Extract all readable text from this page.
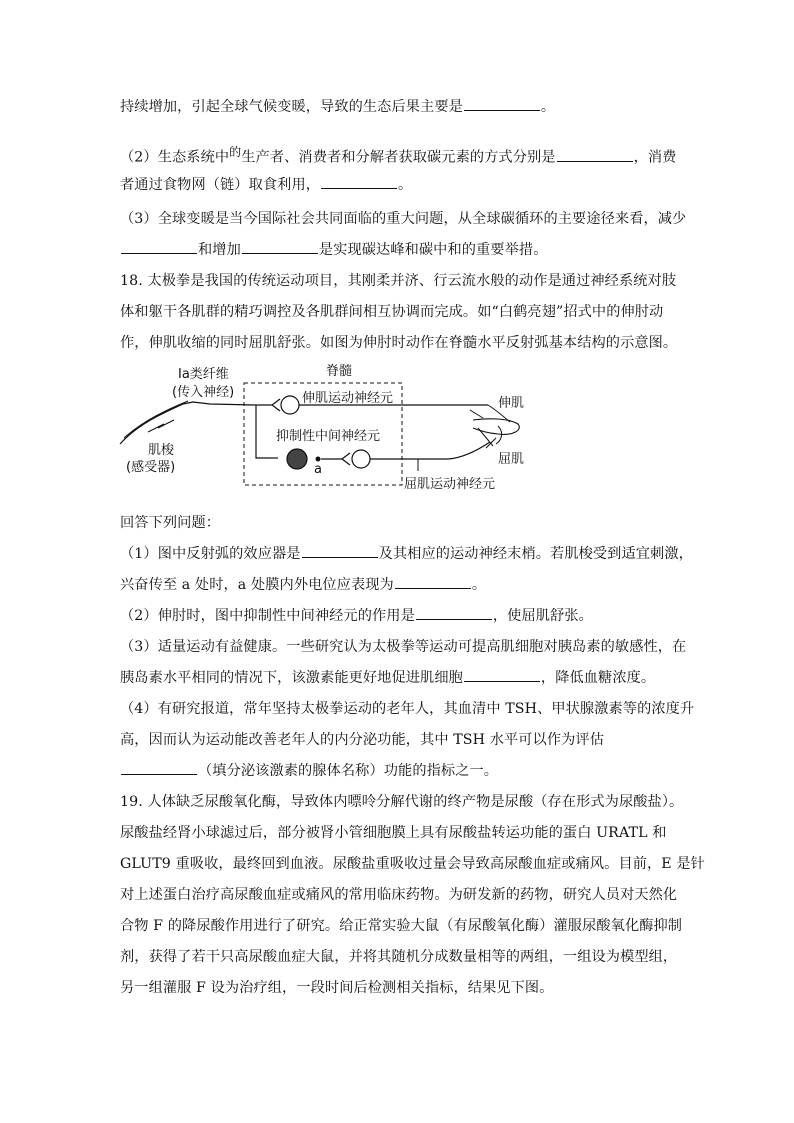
持续增加，引起全球气候变暖，导致的生态后果主要是	。
（2）生态系统中$^的$生产者、消费者和分解者获取碳元素的方式分别是	，消费
者通过食物网（链）取食利用，	。
（3）全球变暖是当今国际社会共同面临的重大问题，从全球碳循环的主要途径来看，减少
和增加	是实现碳达峰和碳中和的重要举措。
18. 太极拳是我国的传统运动项目，其刚柔并济、行云流水般的动作是通过神经系统对肢
体和躯干各肌群的精巧调控及各肌群间相互协调而完成。如“白鹤亮翅”招式中的伸肘动
作，伸肌收缩的同时屈肌舒张。如图为伸肘时动作在脊髓水平反射弧基本结构的示意图。
Ⅰa类纤维
(传入神经)
脊髓
伸肌运动神经元
抑制性中间神经元
a
肌梭
(感受器)
伸肌
屈肌
屈肌运动神经元
回答下列问题：
（1）图中反射弧的效应器是	及其相应的运动神经末梢。若肌梭受到适宜刺激，
兴奋传至 a 处时，a 处膜内外电位应表现为	。
（2）伸肘时，图中抑制性中间神经元的作用是	，使屈肌舒张。
（3）适量运动有益健康。一些研究认为太极拳等运动可提高肌细胞对胰岛素的敏感性，在
胰岛素水平相同的情况下，该激素能更好地促进肌细胞	，降低血糖浓度。
（4）有研究报道，常年坚持太极拳运动的老年人，其血清中 TSH、甲状腺激素等的浓度升
高，因而认为运动能改善老年人的内分泌功能，其中 TSH 水平可以作为评估
（填分泌该激素的腺体名称）功能的指标之一。
19. 人体缺乏尿酸氧化酶，导致体内嘌呤分解代谢的终产物是尿酸（存在形式为尿酸盐）。
尿酸盐经肾小球滤过后，部分被肾小管细胞膜上具有尿酸盐转运功能的蛋白 URATL 和
GLUT9 重吸收，最终回到血液。尿酸盐重吸收过量会导致高尿酸血症或痛风。目前，E 是针
对上述蛋白治疗高尿酸血症或痛风的常用临床药物。为研发新的药物，研究人员对天然化
合物 F 的降尿酸作用进行了研究。给正常实验大鼠（有尿酸氧化酶）灌服尿酸氧化酶抑制
剂，获得了若干只高尿酸血症大鼠，并将其随机分成数量相等的两组，一组设为模型组，
另一组灌服 F 设为治疗组，一段时间后检测相关指标，结果见下图。
